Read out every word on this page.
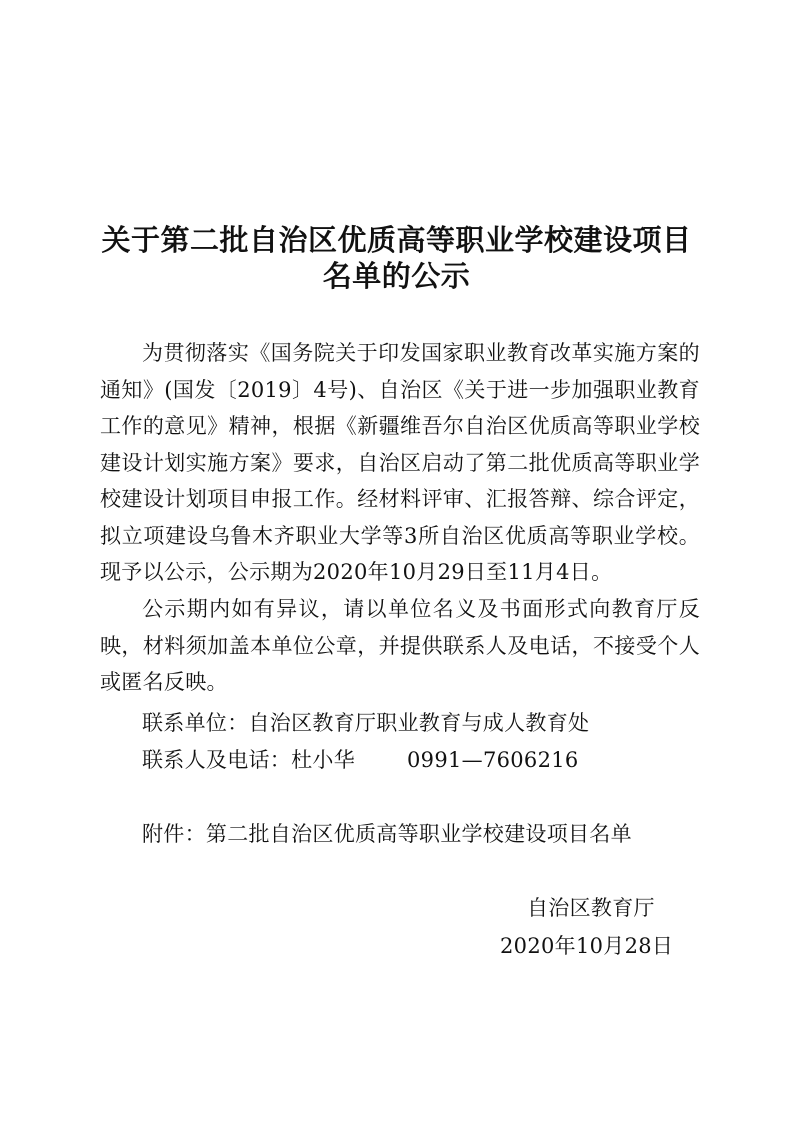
关于第二批自治区优质高等职业学校建设项目
名单的公示

为贯彻落实《国务院关于印发国家职业教育改革实施方案的通知》(国发〔2019〕4号)、自治区《关于进一步加强职业教育工作的意见》精神，根据《新疆维吾尔自治区优质高等职业学校建设计划实施方案》要求，自治区启动了第二批优质高等职业学校建设计划项目申报工作。经材料评审、汇报答辩、综合评定，拟立项建设乌鲁木齐职业大学等3所自治区优质高等职业学校。现予以公示，公示期为2020年10月29日至11月4日。

公示期内如有异议，请以单位名义及书面形式向教育厅反映，材料须加盖本单位公章，并提供联系人及电话，不接受个人或匿名反映。

联系单位：自治区教育厅职业教育与成人教育处

联系人及电话：杜小华 0991—7606216

附件：第二批自治区优质高等职业学校建设项目名单

自治区教育厅

2020年10月28日
